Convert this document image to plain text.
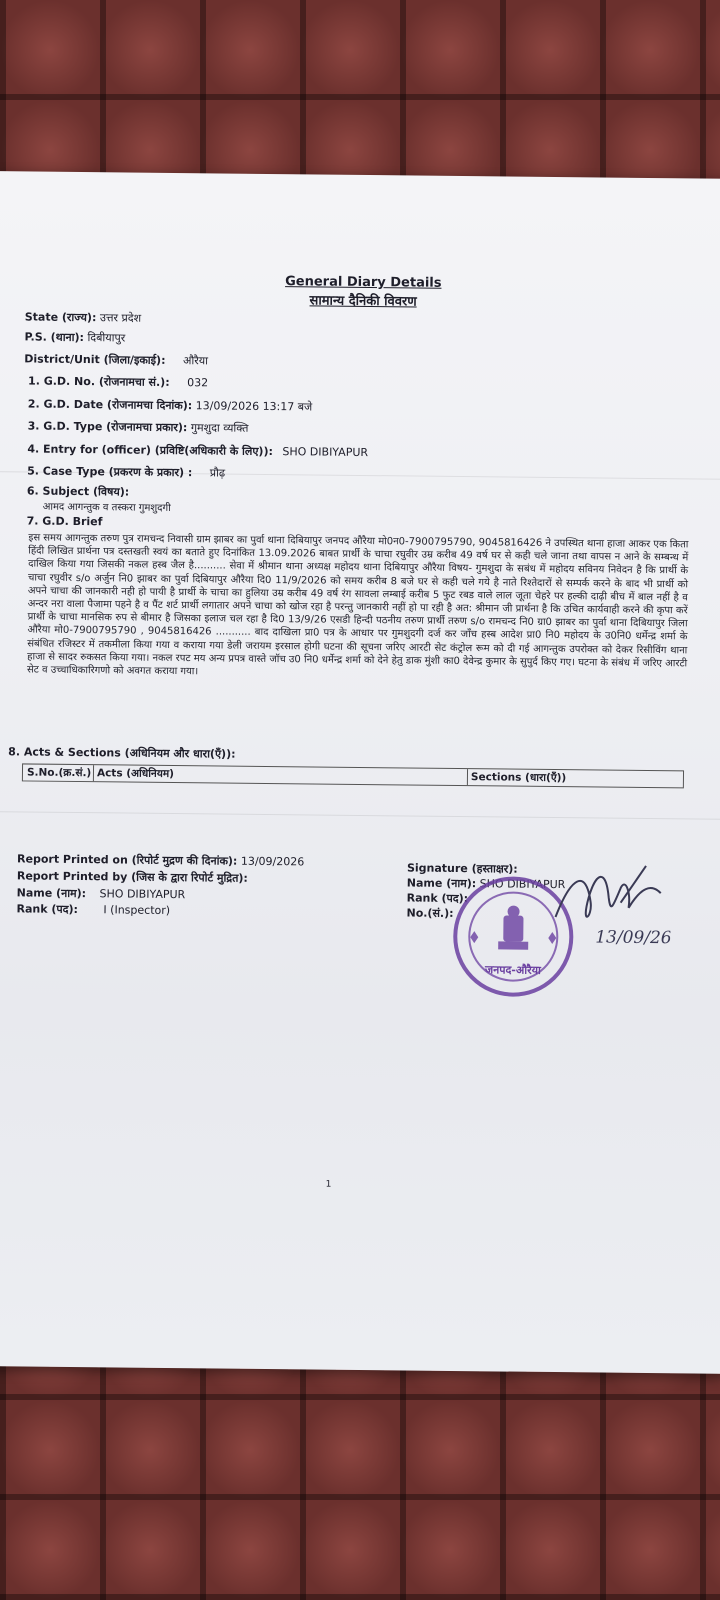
General Diary Details
सामान्य दैनिकी विवरण
State (राज्य): उत्तर प्रदेश
P.S. (थाना): दिबीयापुर
District/Unit (जिला/इकाई): औरैया
1. G.D. No. (रोजनामचा सं.): 032
2. G.D. Date (रोजनामचा दिनांक): 13/09/2026 13:17 बजे
3. G.D. Type (रोजनामचा प्रकार): गुमशुदा व्यक्ति
4. Entry for (officer) (प्रविष्टि(अधिकारी के लिए)): SHO DIBIYAPUR
5. Case Type (प्रकरण के प्रकार) : प्रौढ़
6. Subject (विषय):
आमद आगन्तुक व तस्करा गुमशुदगी
7. G.D. Brief
इस समय आगन्तुक तरुण पुत्र रामचन्द निवासी ग्राम झाबर का पुर्वा थाना दिबियापुर जनपद औरैया मो0न0-7900795790, 9045816426 ने उपस्थित थाना हाजा आकर एक किता हिंदी लिखित प्रार्थना पत्र दस्तखती स्वयं का बताते हुए दिनांकित 13.09.2026 बाबत प्रार्थी के चाचा रघुवीर उम्र करीब 49 वर्ष घर से कही चले जाना तथा वापस न आने के सम्बन्ध में दाखिल किया गया जिसकी नकल हस्ब जैल है.......... सेवा में श्रीमान थाना अध्यक्ष महोदय थाना दिबियापुर औरैया विषय- गुमशुदा के सबंध में महोदय सविनय निवेदन है कि प्रार्थी के चाचा रघुवीर s/o अर्जुन नि0 झाबर का पुर्वा दिबियापुर औरैया दि0 11/9/2026 को समय करीब 8 बजे घर से कही चले गये है नाते रिश्तेदारों से सम्पर्क करने के बाद भी प्रार्थी को अपने चाचा की जानकारी नही हो पायी है प्रार्थी के चाचा का हुलिया उम्र करीब 49 वर्ष रंग सावला लम्बाई करीब 5 फुट रबड वाले लाल जूता चेहरे पर हल्की दाढ़ी बीच में बाल नहीं है व अन्दर नरा वाला पैजामा पहने है व पैंट शर्ट प्रार्थी लगातार अपने चाचा को खोज रहा है परन्तु जानकारी नहीं हो पा रही है अत: श्रीमान जी प्रार्थना है कि उचित कार्यवाही करने की कृपा करें प्रार्थी के चाचा मानसिक रुप से बीमार है जिसका इलाज चल रहा है दि0 13/9/26 एसडी हिन्दी पठनीय तरुण प्रार्थी तरुण s/o रामचन्द नि0 ग्रा0 झाबर का पुर्वा थाना दिबियापुर जिला औरैया मो0-7900795790 , 9045816426 ........... बाद दाखिला प्रा0 पत्र के आधार पर गुमशुदगी दर्ज कर जाँच हस्ब आदेश प्रा0 नि0 महोदय के उ0नि0 धर्मेन्द्र शर्मा के संबंधित रजिस्टर में तकमीला किया गया व कराया गया डेली जरायम इरसाल होगी घटना की सूचना जरिए आरटी सेट कंट्रोल रूम को दी गई आगन्तुक उपरोक्त को देकर रिसीविंग थाना हाजा से सादर रुकसत किया गया। नकल रपट मय अन्य प्रपत्र वास्ते जॉच उ0 नि0 धर्मेन्द्र शर्मा को देने हेतु डाक मुंशी का0 देवेन्द्र कुमार के सुपुर्द किए गए। घटना के संबंध में जरिए आरटी सेट व उच्चाधिकारिगणो को अवगत कराया गया।
8. Acts & Sections (अधिनियम और धारा(एँ)):
S.No.(क्र.सं.) Acts (अधिनियम)	Sections (धारा(एँ))
Report Printed on (रिपोर्ट मुद्रण की दिनांक): 13/09/2026
Report Printed by (जिस के द्वारा रिपोर्ट मुद्रित):
Name (नाम): SHO DIBIYAPUR
Rank (पद): I (Inspector)
Signature (हस्ताक्षर):
Name (नाम): SHO DIBIYAPUR
Rank (पद):
No.(सं.):
जनपद-औरैया
13/09/26
1
